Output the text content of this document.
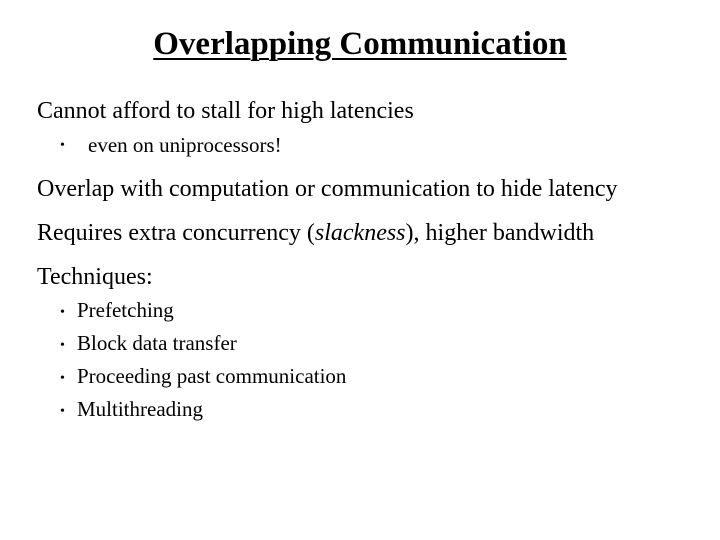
Overlapping Communication
Cannot afford to stall for high latencies
• even on uniprocessors!
Overlap with computation or communication to hide latency
Requires extra concurrency (slackness), higher bandwidth
Techniques:
• Prefetching
• Block data transfer
• Proceeding past communication
• Multithreading
